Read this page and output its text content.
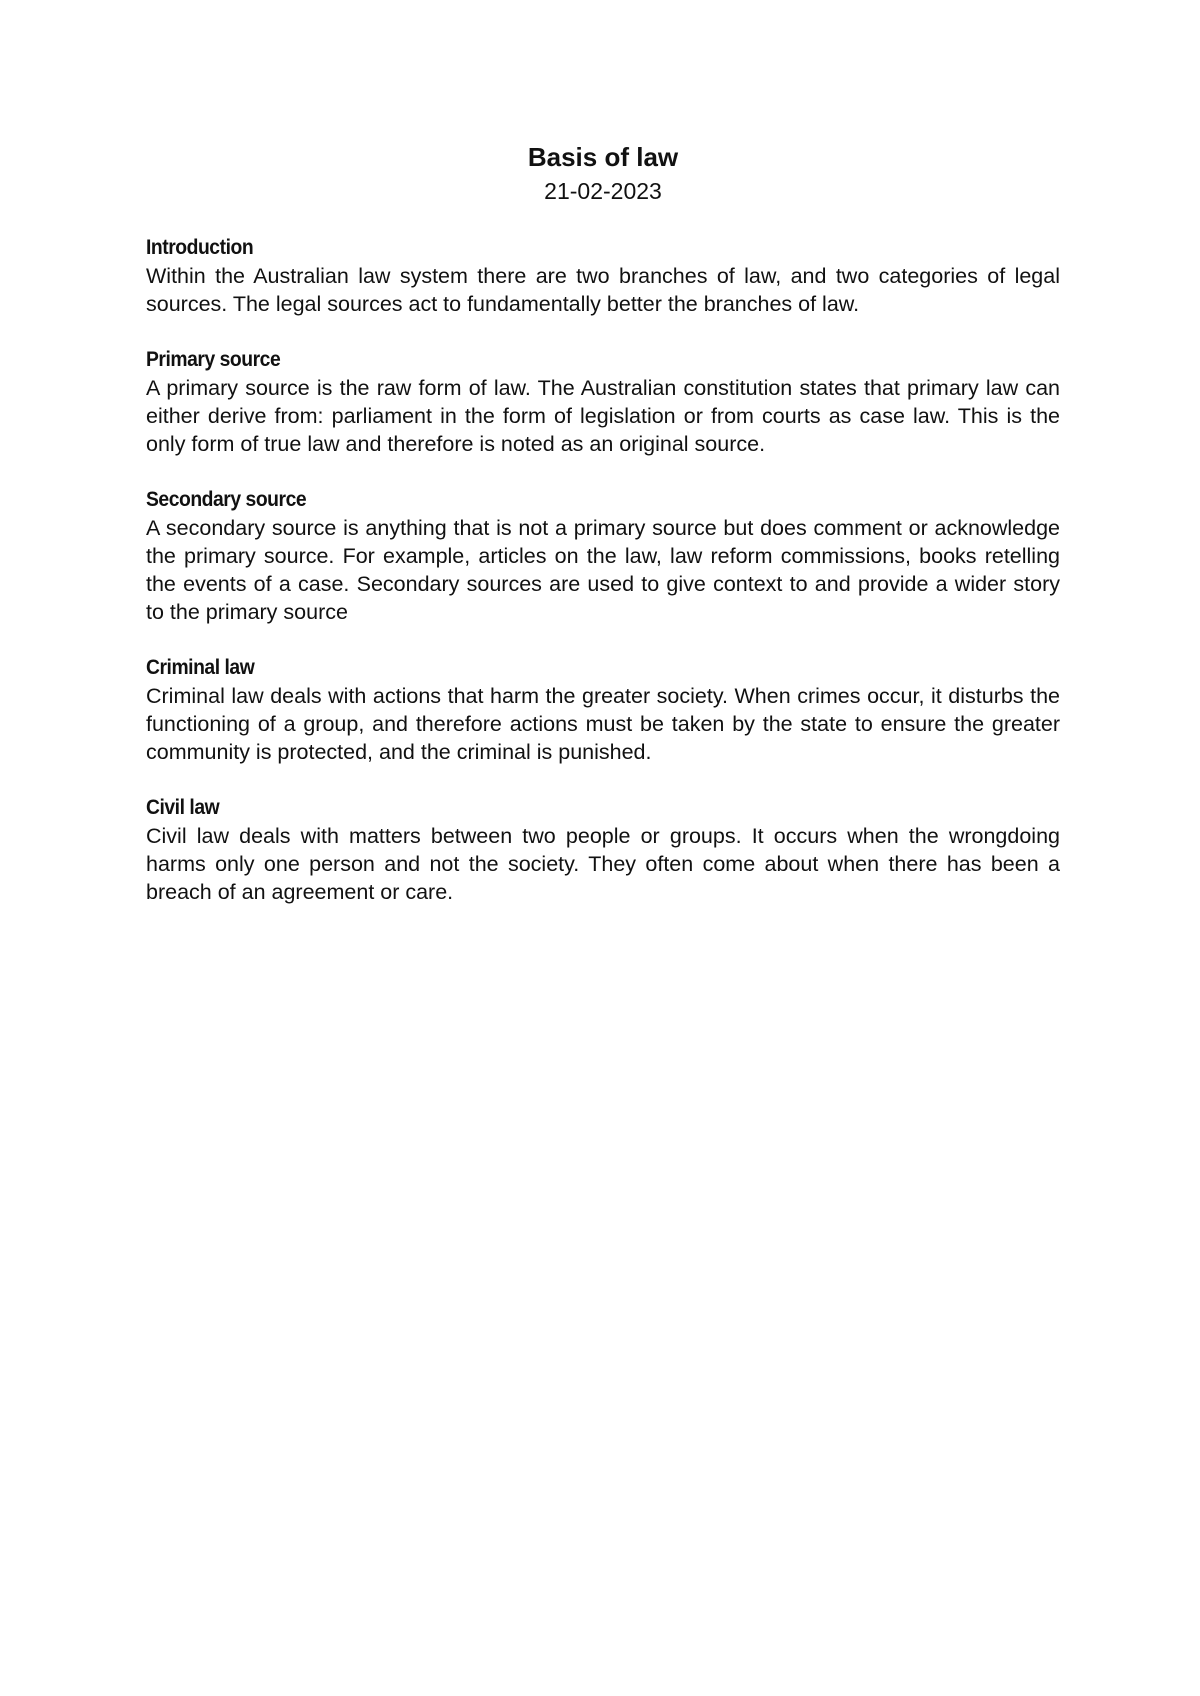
Basis of law
21-02-2023
Introduction

Within the Australian law system there are two branches of law, and two categories of legal sources. The legal sources act to fundamentally better the branches of law.

Primary source

A primary source is the raw form of law. The Australian constitution states that primary law can either derive from: parliament in the form of legislation or from courts as case law. This is the only form of true law and therefore is noted as an original source.

Secondary source

A secondary source is anything that is not a primary source but does comment or acknowledge the primary source. For example, articles on the law, law reform commissions, books retelling the events of a case. Secondary sources are used to give context to and provide a wider story to the primary source

Criminal law

Criminal law deals with actions that harm the greater society. When crimes occur, it disturbs the functioning of a group, and therefore actions must be taken by the state to ensure the greater community is protected, and the criminal is punished.

Civil law

Civil law deals with matters between two people or groups. It occurs when the wrongdoing harms only one person and not the society. They often come about when there has been a breach of an agreement or care.
